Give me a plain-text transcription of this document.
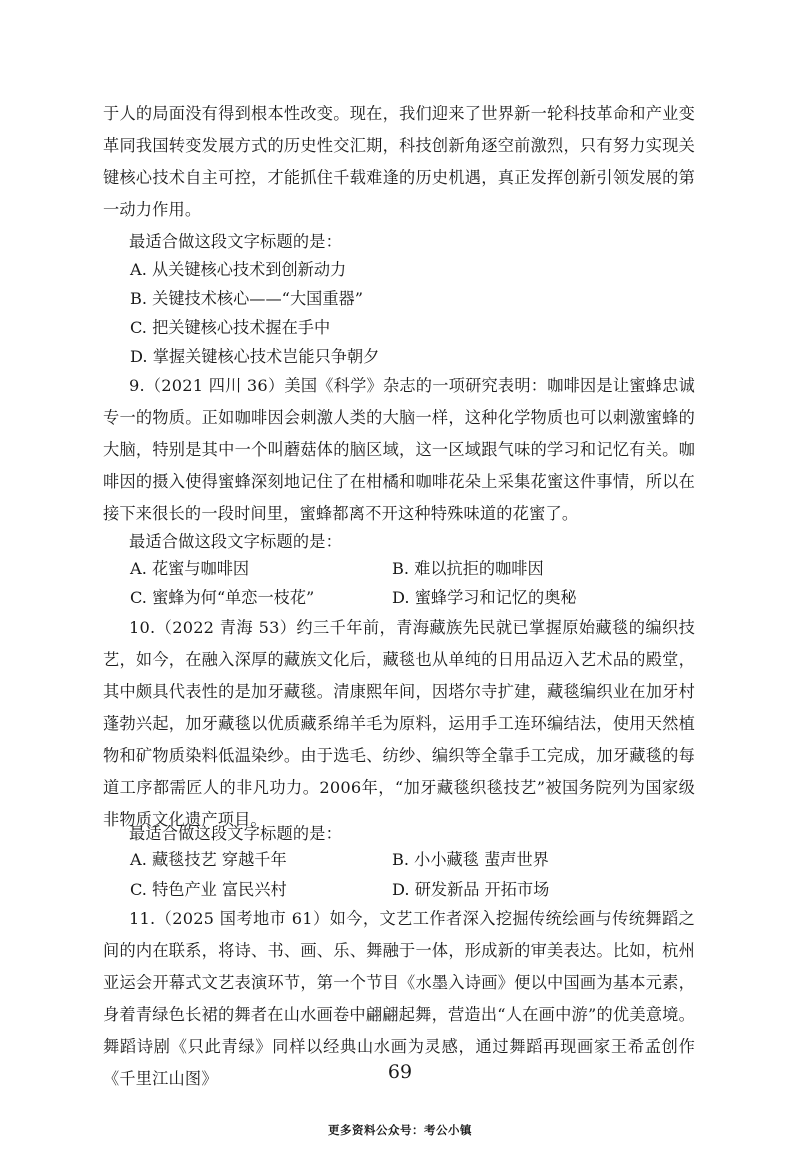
于人的局面没有得到根本性改变。现在，我们迎来了世界新一轮科技革命和产业变革同我国转变发展方式的历史性交汇期，科技创新角逐空前激烈，只有努力实现关键核心技术自主可控，才能抓住千载难逢的历史机遇，真正发挥创新引领发展的第一动力作用。

最适合做这段文字标题的是：

A. 从关键核心技术到创新动力

B. 关键技术核心——“大国重器”

C. 把关键核心技术握在手中

D. 掌握关键核心技术岂能只争朝夕

9.（2021 四川 36）美国《科学》杂志的一项研究表明：咖啡因是让蜜蜂忠诚专一的物质。正如咖啡因会刺激人类的大脑一样，这种化学物质也可以刺激蜜蜂的大脑，特别是其中一个叫蘑菇体的脑区域，这一区域跟气味的学习和记忆有关。咖啡因的摄入使得蜜蜂深刻地记住了在柑橘和咖啡花朵上采集花蜜这件事情，所以在接下来很长的一段时间里，蜜蜂都离不开这种特殊味道的花蜜了。

最适合做这段文字标题的是：

A. 花蜜与咖啡因	B. 难以抗拒的咖啡因

C. 蜜蜂为何“单恋一枝花”	D. 蜜蜂学习和记忆的奥秘

10.（2022 青海 53）约三千年前，青海藏族先民就已掌握原始藏毯的编织技艺，如今，在融入深厚的藏族文化后，藏毯也从单纯的日用品迈入艺术品的殿堂，其中颇具代表性的是加牙藏毯。清康熙年间，因塔尔寺扩建，藏毯编织业在加牙村蓬勃兴起，加牙藏毯以优质藏系绵羊毛为原料，运用手工连环编结法，使用天然植物和矿物质染料低温染纱。由于选毛、纺纱、编织等全靠手工完成，加牙藏毯的每道工序都需匠人的非凡功力。2006年，“加牙藏毯织毯技艺”被国务院列为国家级非物质文化遗产项目。

最适合做这段文字标题的是：

A. 藏毯技艺 穿越千年	B. 小小藏毯 蜚声世界

C. 特色产业 富民兴村	D. 研发新品 开拓市场

11.（2025 国考地市 61）如今，文艺工作者深入挖掘传统绘画与传统舞蹈之间的内在联系，将诗、书、画、乐、舞融于一体，形成新的审美表达。比如，杭州亚运会开幕式文艺表演环节，第一个节目《水墨入诗画》便以中国画为基本元素，身着青绿色长裙的舞者在山水画卷中翩翩起舞，营造出“人在画中游”的优美意境。舞蹈诗剧《只此青绿》同样以经典山水画为灵感，通过舞蹈再现画家王希孟创作《千里江山图》	69
更多资料公众号：考公小镇
